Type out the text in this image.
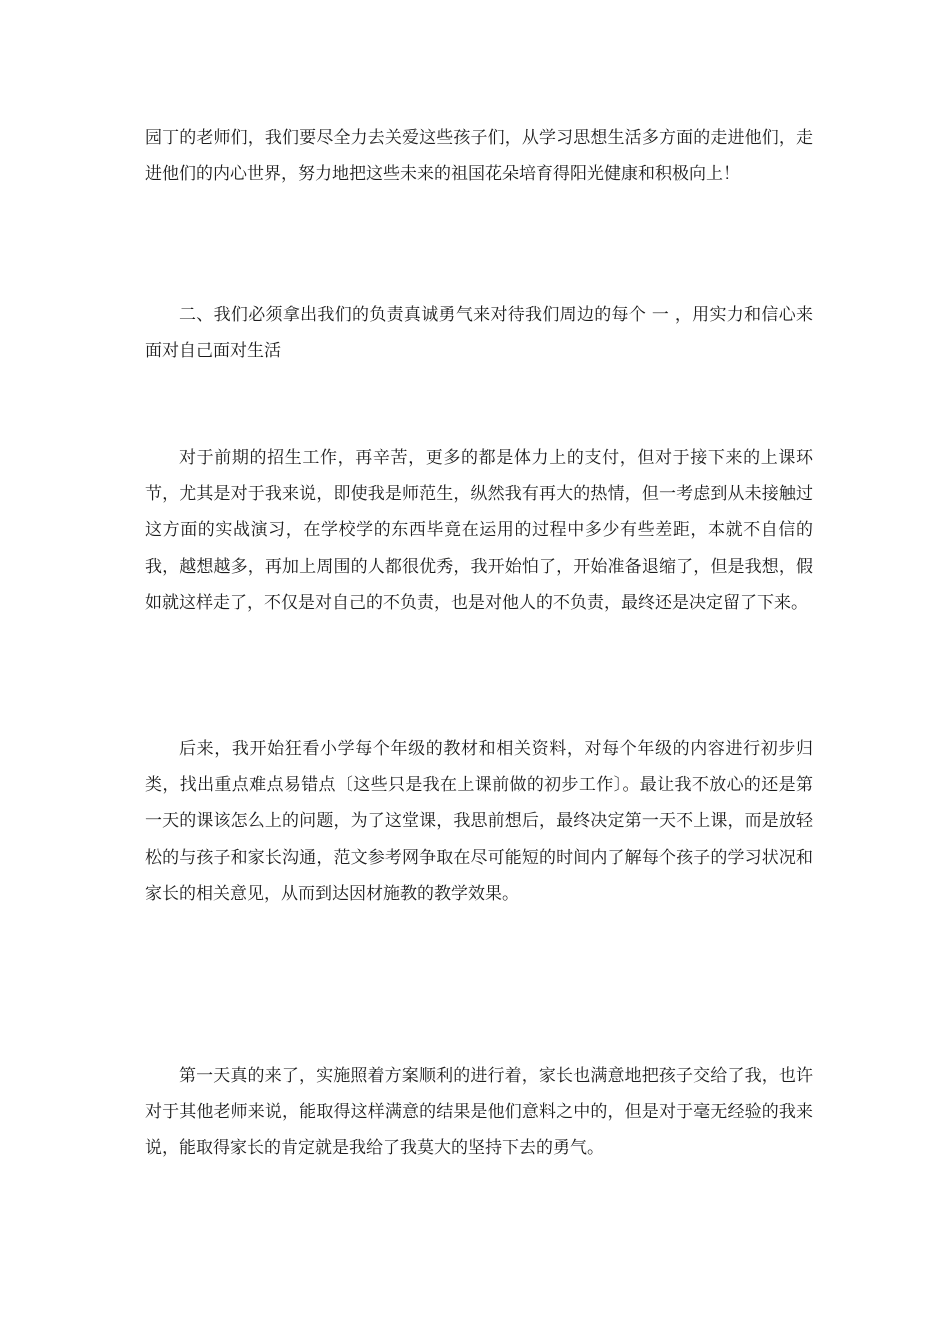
园丁的老师们，我们要尽全力去关爱这些孩子们，从学习思想生活多方面的走进他们，走进他们的内心世界，努力地把这些未来的祖国花朵培育得阳光健康和积极向上！

二、我们必须拿出我们的负责真诚勇气来对待我们周边的每个 一 ，用实力和信心来面对自己面对生活

对于前期的招生工作，再辛苦，更多的都是体力上的支付，但对于接下来的上课环节，尤其是对于我来说，即使我是师范生，纵然我有再大的热情，但一考虑到从未接触过这方面的实战演习，在学校学的东西毕竟在运用的过程中多少有些差距，本就不自信的我，越想越多，再加上周围的人都很优秀，我开始怕了，开始准备退缩了，但是我想，假如就这样走了，不仅是对自己的不负责，也是对他人的不负责，最终还是决定留了下来。

后来，我开始狂看小学每个年级的教材和相关资料，对每个年级的内容进行初步归类，找出重点难点易错点〔这些只是我在上课前做的初步工作〕。最让我不放心的还是第一天的课该怎么上的问题，为了这堂课，我思前想后，最终决定第一天不上课，而是放轻松的与孩子和家长沟通，范文参考网争取在尽可能短的时间内了解每个孩子的学习状况和家长的相关意见，从而到达因材施教的教学效果。

第一天真的来了，实施照着方案顺利的进行着，家长也满意地把孩子交给了我，也许对于其他老师来说，能取得这样满意的结果是他们意料之中的，但是对于毫无经验的我来说，能取得家长的肯定就是我给了我莫大的坚持下去的勇气。
